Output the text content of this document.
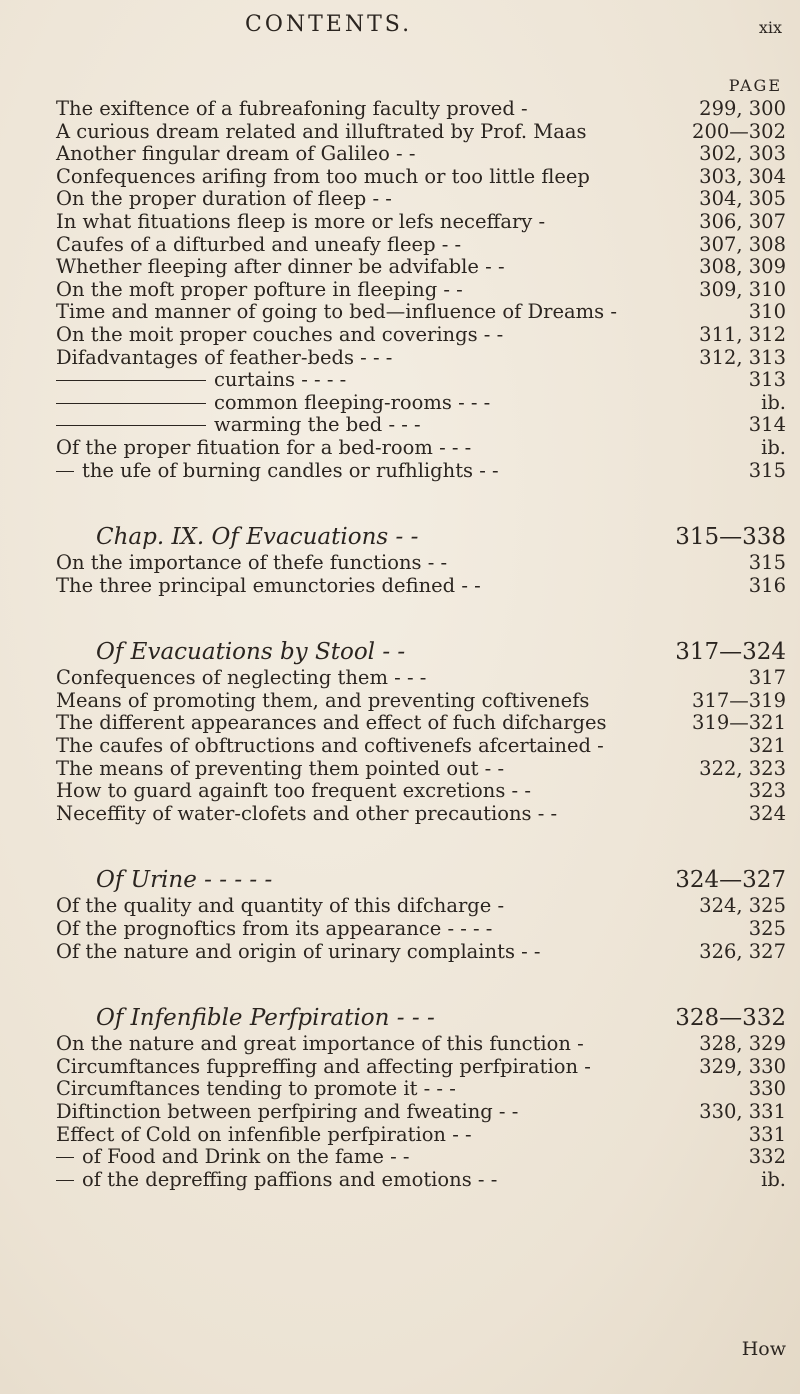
CONTENTS.	xix
PAGE
The exiftence of a fubreafoning faculty proved -	299, 300
A curious dream related and illuftrated by Prof. Maas	200—302
Another fingular dream of Galileo - -	302, 303
Confequences arifing from too much or too little fleep	303, 304
On the proper duration of fleep - -	304, 305
In what fituations fleep is more or lefs neceffary -	306, 307
Caufes of a difturbed and uneafy fleep - -	307, 308
Whether fleeping after dinner be advifable - -	308, 309
On the moft proper pofture in fleeping - -	309, 310
Time and manner of going to bed—influence of Dreams -	310
On the moit proper couches and coverings - -	311, 312
Difadvantages of feather-beds - - -	312, 313
curtains - - - -	313
common fleeping-rooms - - -	ib.
warming the bed - - -	314
Of the proper fituation for a bed-room - - -	ib.
the ufe of burning candles or rufhlights - -	315
Chap. IX. Of Evacuations - -	315—338
On the importance of thefe functions - -	315
The three principal emunctories defined - -	316
Of Evacuations by Stool - -	317—324
Confequences of neglecting them - - -	317
Means of promoting them, and preventing coftivenefs	317—319
The different appearances and effect of fuch difcharges	319—321
The caufes of obftructions and coftivenefs afcertained -	321
The means of preventing them pointed out - -	322, 323
How to guard againft too frequent excretions - -	323
Neceffity of water-clofets and other precautions - -	324
Of Urine - - - - -	324—327
Of the quality and quantity of this difcharge -	324, 325
Of the prognoftics from its appearance - - - -	325
Of the nature and origin of urinary complaints - -	326, 327
Of Infenfible Perfpiration - - -	328—332
On the nature and great importance of this function -	328, 329
Circumftances fuppreffing and affecting perfpiration -	329, 330
Circumftances tending to promote it - - -	330
Diftinction between perfpiring and fweating - -	330, 331
Effect of Cold on infenfible perfpiration - -	331
of Food and Drink on the fame - -	332
of the depreffing paffions and emotions - -	ib.
How
